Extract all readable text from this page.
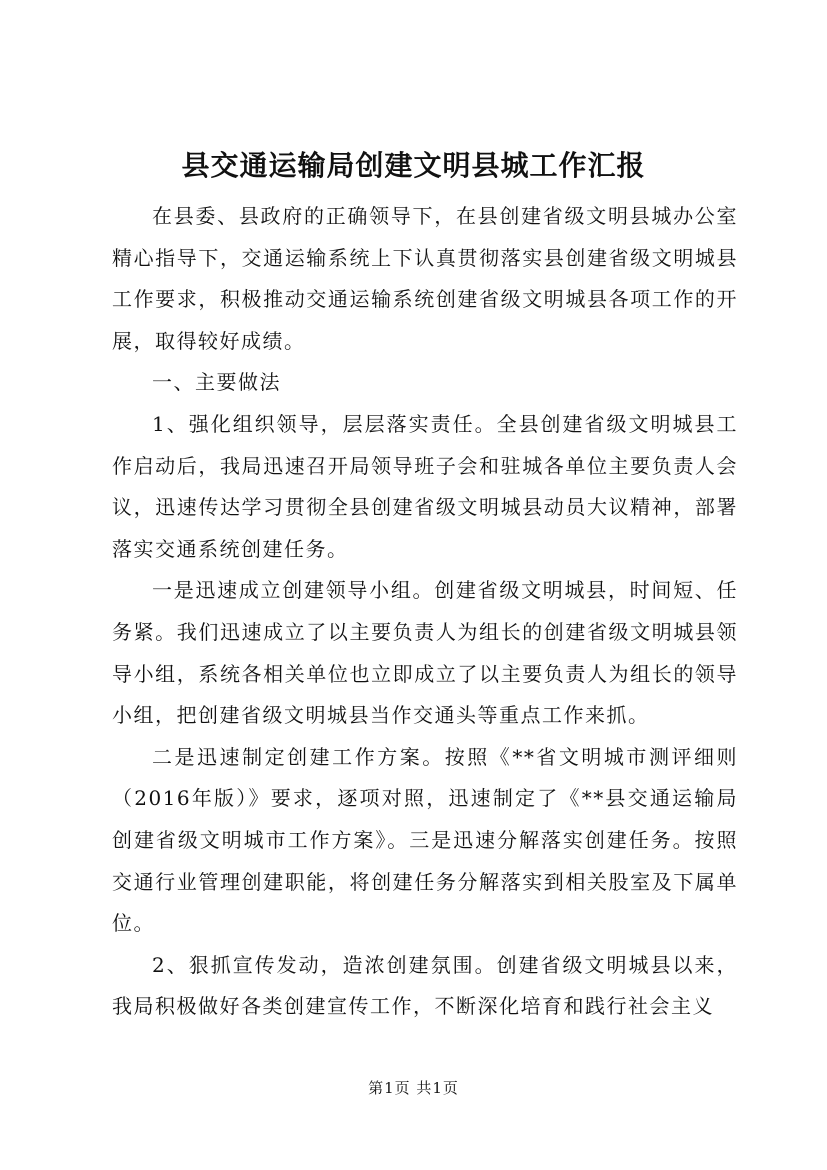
县交通运输局创建文明县城工作汇报

在县委、县政府的正确领导下，在县创建省级文明县城办公室精心指导下，交通运输系统上下认真贯彻落实县创建省级文明城县工作要求，积极推动交通运输系统创建省级文明城县各项工作的开展，取得较好成绩。

一、主要做法

1、强化组织领导，层层落实责任。全县创建省级文明城县工作启动后，我局迅速召开局领导班子会和驻城各单位主要负责人会议，迅速传达学习贯彻全县创建省级文明城县动员大议精神，部署落实交通系统创建任务。

一是迅速成立创建领导小组。创建省级文明城县，时间短、任务紧。我们迅速成立了以主要负责人为组长的创建省级文明城县领导小组，系统各相关单位也立即成立了以主要负责人为组长的领导小组，把创建省级文明城县当作交通头等重点工作来抓。

二是迅速制定创建工作方案。按照《**省文明城市测评细则（2016年版）》要求，逐项对照，迅速制定了《**县交通运输局创建省级文明城市工作方案》。三是迅速分解落实创建任务。按照交通行业管理创建职能，将创建任务分解落实到相关股室及下属单位。

2、狠抓宣传发动，造浓创建氛围。创建省级文明城县以来，我局积极做好各类创建宣传工作，不断深化培育和践行社会主义

第1页 共1页
